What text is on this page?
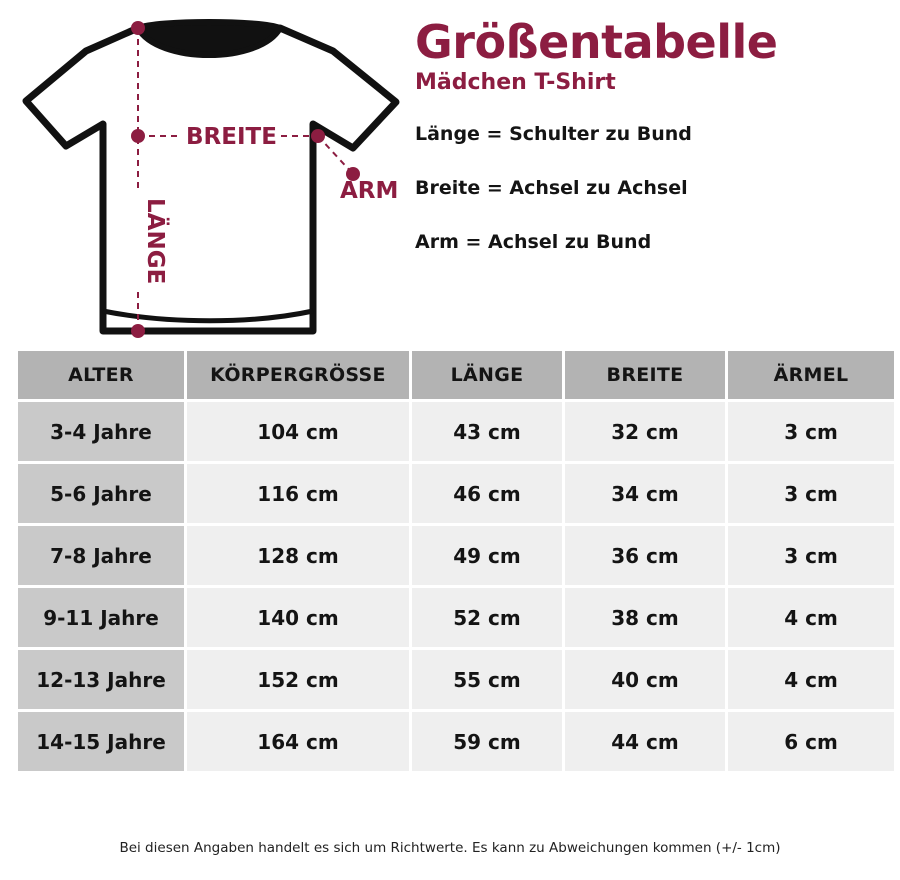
BREITE
LÄNGE
ARM
Größentabelle
Mädchen T-Shirt
Länge = Schulter zu Bund
Breite = Achsel zu Achsel
Arm = Achsel zu Bund
ALTER	KÖRPERGRÖSSE	LÄNGE	BREITE	ÄRMEL
3-4 Jahre	104 cm	43 cm	32 cm	3 cm
5-6 Jahre	116 cm	46 cm	34 cm	3 cm
7-8 Jahre	128 cm	49 cm	36 cm	3 cm
9-11 Jahre	140 cm	52 cm	38 cm	4 cm
12-13 Jahre	152 cm	55 cm	40 cm	4 cm
14-15 Jahre	164 cm	59 cm	44 cm	6 cm
Bei diesen Angaben handelt es sich um Richtwerte. Es kann zu Abweichungen kommen (+/- 1cm)
